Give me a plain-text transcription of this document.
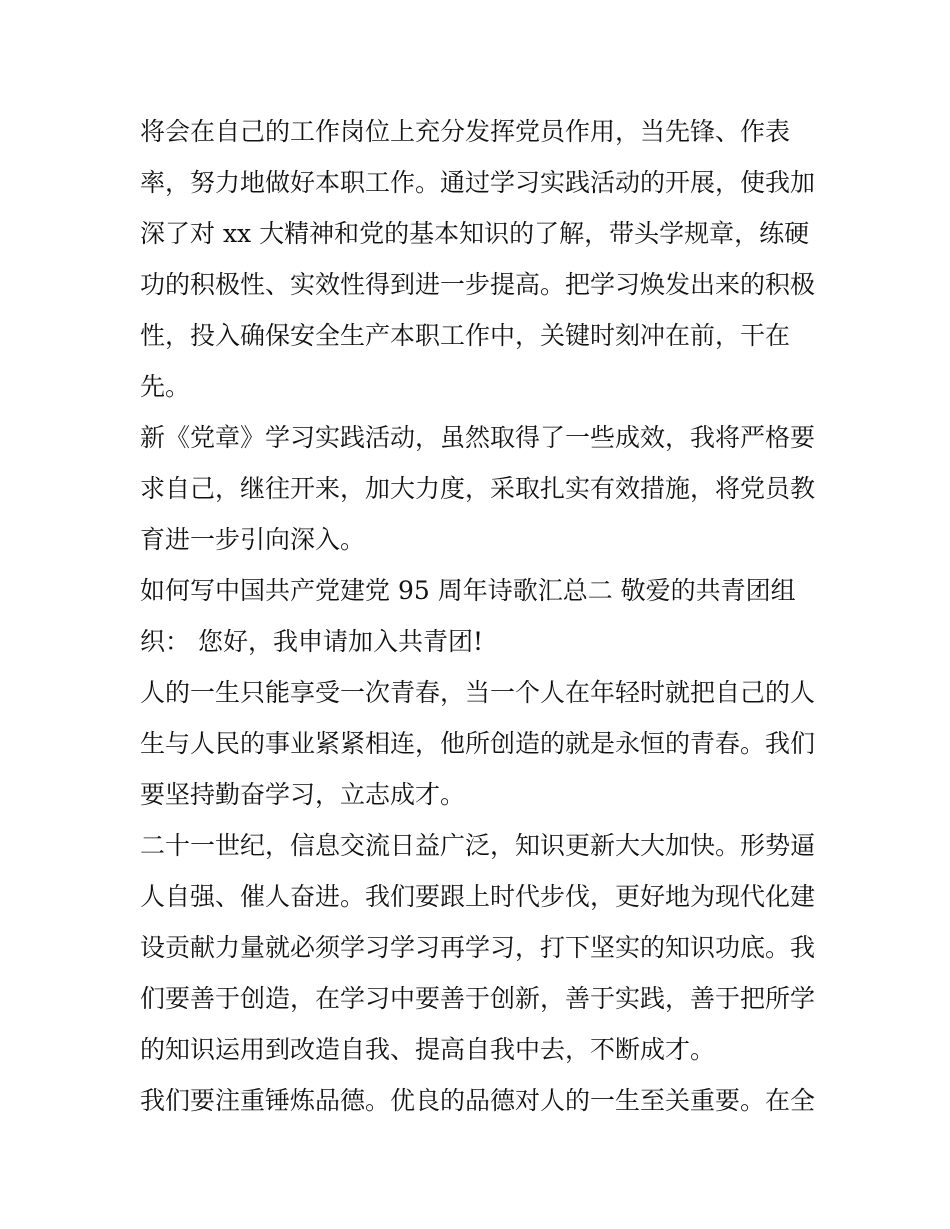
将会在自己的工作岗位上充分发挥党员作用，当先锋、作表
率，努力地做好本职工作。通过学习实践活动的开展，使我加
深了对 xx 大精神和党的基本知识的了解，带头学规章，练硬
功的积极性、实效性得到进一步提高。把学习焕发出来的积极
性，投入确保安全生产本职工作中，关键时刻冲在前，干在
先。
新《党章》学习实践活动，虽然取得了一些成效，我将严格要
求自己，继往开来，加大力度，采取扎实有效措施，将党员教
育进一步引向深入。
如何写中国共产党建党 95 周年诗歌汇总二 敬爱的共青团组
织： 您好，我申请加入共青团!
人的一生只能享受一次青春，当一个人在年轻时就把自己的人
生与人民的事业紧紧相连，他所创造的就是永恒的青春。我们
要坚持勤奋学习，立志成才。
二十一世纪，信息交流日益广泛，知识更新大大加快。形势逼
人自强、催人奋进。我们要跟上时代步伐，更好地为现代化建
设贡献力量就必须学习学习再学习，打下坚实的知识功底。我
们要善于创造，在学习中要善于创新，善于实践，善于把所学
的知识运用到改造自我、提高自我中去，不断成才。
我们要注重锤炼品德。优良的品德对人的一生至关重要。在全
